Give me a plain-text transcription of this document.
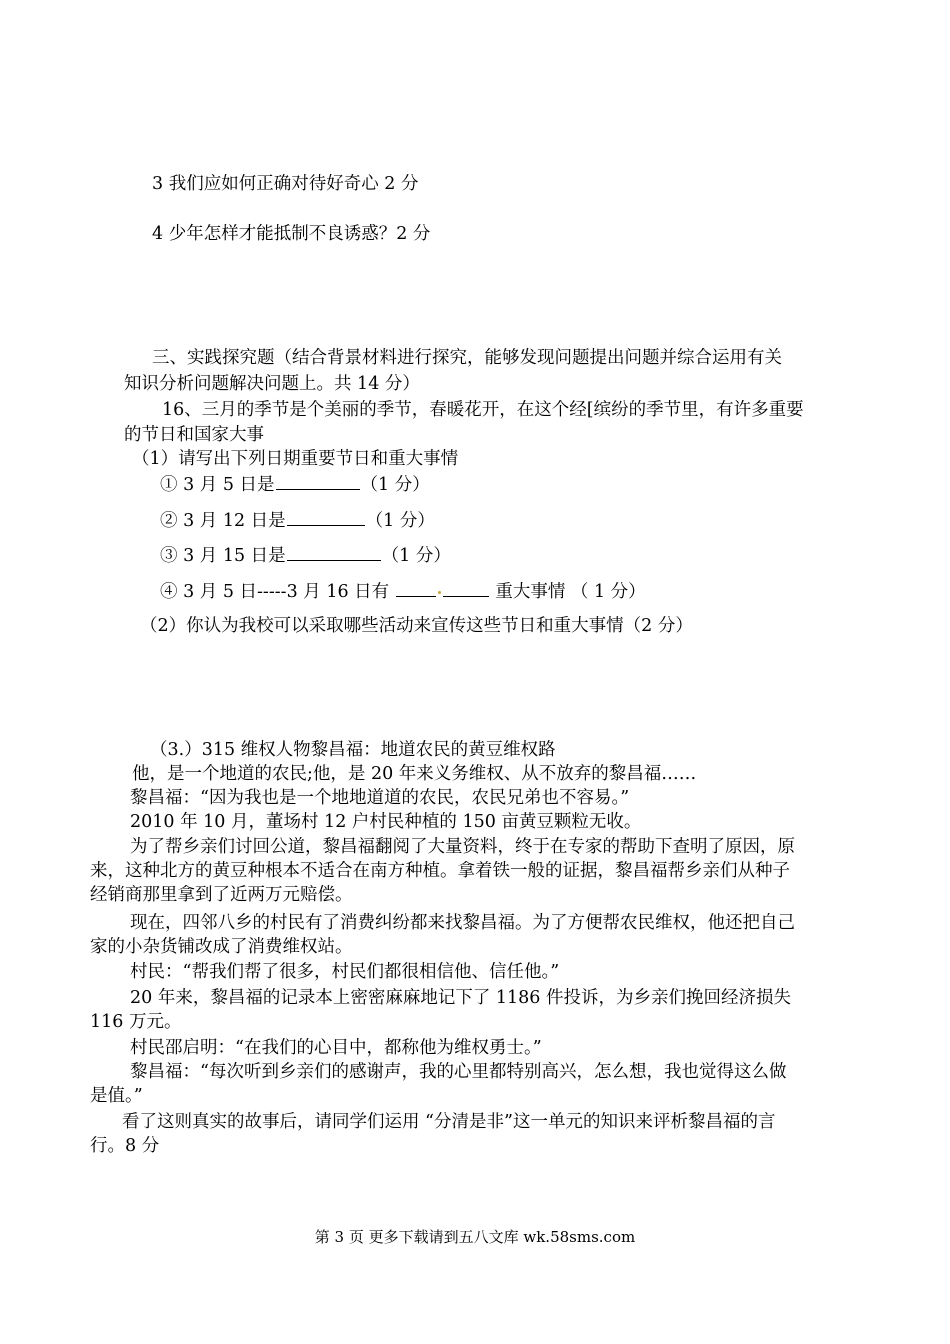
3 我们应如何正确对待好奇心 2 分
4 少年怎样才能抵制不良诱惑？2 分
三、实践探究题（结合背景材料进行探究，能够发现问题提出问题并综合运用有关
知识分析问题解决问题上。共 14 分）
16、三月的季节是个美丽的季节，春暖花开，在这个经[缤纷的季节里，有许多重要
的节日和国家大事
（1）请写出下列日期重要节日和重大事情
① 3 月 5 日是	（1 分）
② 3 月 12 日是	（1 分）
③ 3 月 15 日是	（1 分）
④ 3 月 5 日-----3 月 16 日有	重大事情 （ 1 分）
（2）你认为我校可以采取哪些活动来宣传这些节日和重大事情（2 分）
（3.）315 维权人物黎昌福：地道农民的黄豆维权路
他，是一个地道的农民;他，是 20 年来义务维权、从不放弃的黎昌福……
黎昌福：“因为我也是一个地地道道的农民，农民兄弟也不容易。”
2010 年 10 月，董场村 12 户村民种植的 150 亩黄豆颗粒无收。
为了帮乡亲们讨回公道，黎昌福翻阅了大量资料，终于在专家的帮助下查明了原因，原
来，这种北方的黄豆种根本不适合在南方种植。拿着铁一般的证据，黎昌福帮乡亲们从种子
经销商那里拿到了近两万元赔偿。
现在，四邻八乡的村民有了消费纠纷都来找黎昌福。为了方便帮农民维权，他还把自己
家的小杂货铺改成了消费维权站。
村民：“帮我们帮了很多，村民们都很相信他、信任他。”
20 年来，黎昌福的记录本上密密麻麻地记下了 1186 件投诉，为乡亲们挽回经济损失
116 万元。
村民邵启明：“在我们的心目中，都称他为维权勇士。”
黎昌福：“每次听到乡亲们的感谢声，我的心里都特别高兴，怎么想，我也觉得这么做
是值。”
看了这则真实的故事后，请同学们运用 “分清是非”这一单元的知识来评析黎昌福的言
行。8 分
第 3 页 更多下载请到五八文库 wk.58sms.com
